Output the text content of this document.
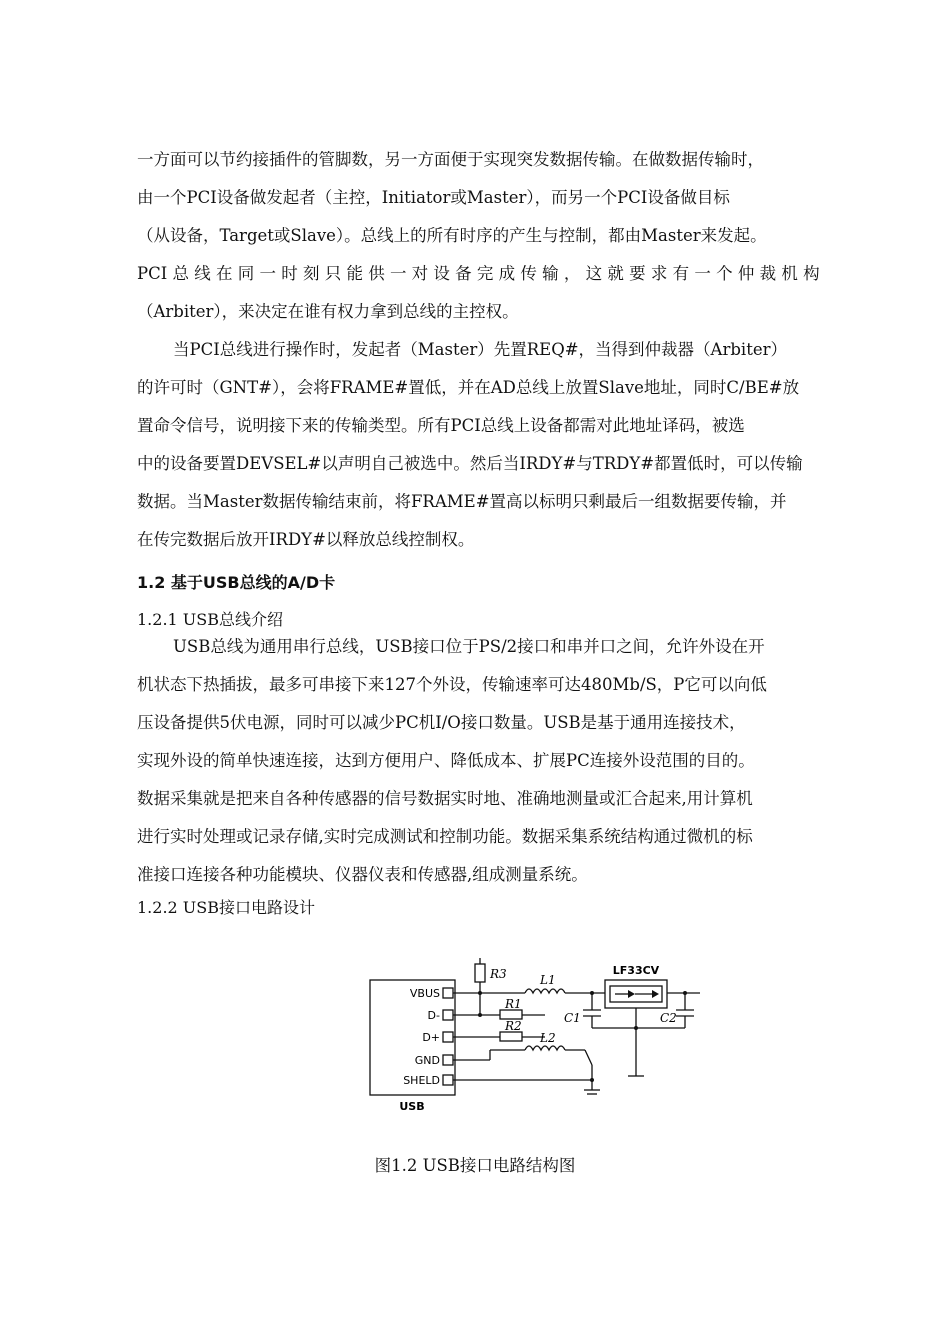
一方面可以节约接插件的管脚数，另一方面便于实现突发数据传输。在做数据传输时，
由一个PCI设备做发起者（主控，Initiator或Master），而另一个PCI设备做目标
（从设备，Target或Slave）。总线上的所有时序的产生与控制，都由Master来发起。
PCI 总 线 在 同 一 时 刻 只 能 供 一 对 设 备 完 成 传 输 ， 这 就 要 求 有 一 个 仲 裁 机 构
（Arbiter），来决定在谁有权力拿到总线的主控权。
当PCI总线进行操作时，发起者（Master）先置REQ#，当得到仲裁器（Arbiter）
的许可时（GNT#），会将FRAME#置低，并在AD总线上放置Slave地址，同时C/BE#放
置命令信号，说明接下来的传输类型。所有PCI总线上设备都需对此地址译码，被选
中的设备要置DEVSEL#以声明自己被选中。然后当IRDY#与TRDY#都置低时，可以传输
数据。当Master数据传输结束前，将FRAME#置高以标明只剩最后一组数据要传输，并
在传完数据后放开IRDY#以释放总线控制权。
1.2 基于USB总线的A/D卡
1.2.1 USB总线介绍
USB总线为通用串行总线，USB接口位于PS/2接口和串并口之间，允许外设在开
机状态下热插拔，最多可串接下来127个外设，传输速率可达480Mb/S，P它可以向低
压设备提供5伏电源，同时可以减少PC机I/O接口数量。USB是基于通用连接技术，
实现外设的简单快速连接，达到方便用户、降低成本、扩展PC连接外设范围的目的。
数据采集就是把来自各种传感器的信号数据实时地、准确地测量或汇合起来,用计算机
进行实时处理或记录存储,实时完成测试和控制功能。数据采集系统结构通过微机的标
准接口连接各种功能模块、仪器仪表和传感器,组成测量系统。
1.2.2 USB接口电路设计
VBUS
D-
D+
GND
SHELD
USB
LF33CV
R3	L1
R1
R2
C1	C2
L2
图1.2 USB接口电路结构图
